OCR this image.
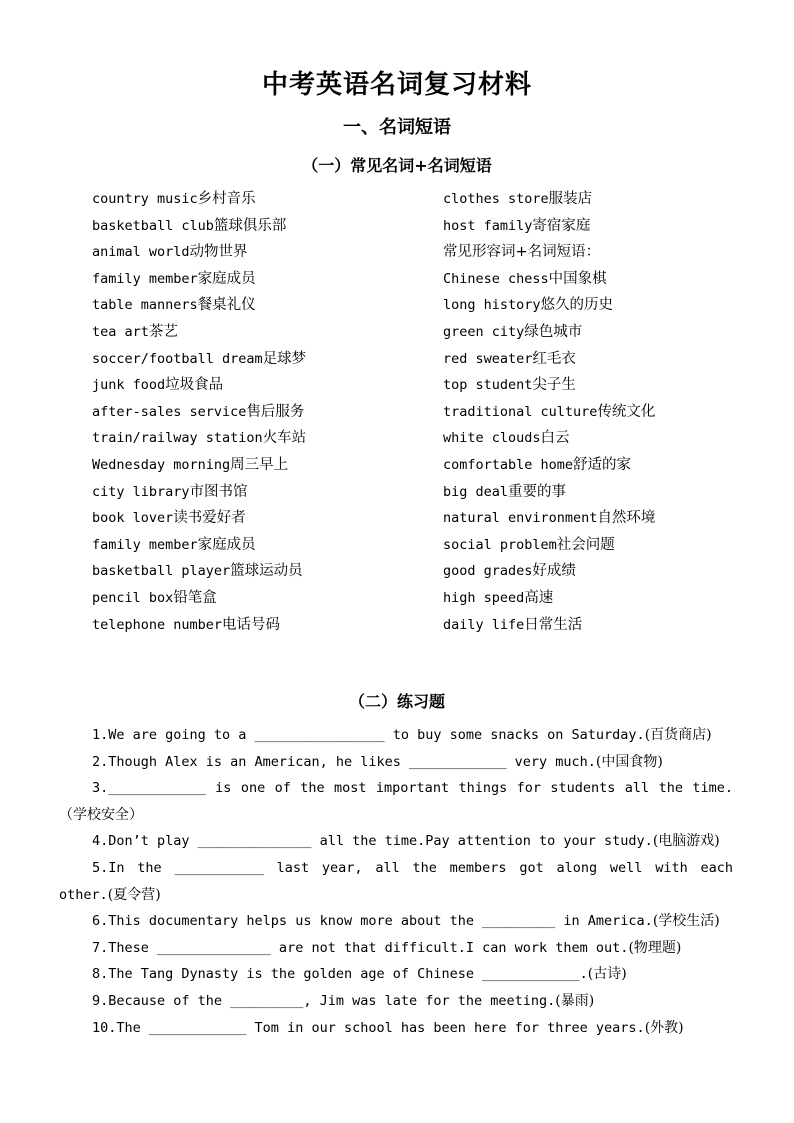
中考英语名词复习材料
一、名词短语
（一）常见名词+名词短语
country music乡村音乐
basketball club篮球俱乐部
animal world动物世界
family member家庭成员
table manners餐桌礼仪
tea art茶艺
soccer/football dream足球梦
junk food垃圾食品
after-sales service售后服务
train/railway station火车站
Wednesday morning周三早上
city library市图书馆
book lover读书爱好者
family member家庭成员
basketball player篮球运动员
pencil box铅笔盒
telephone number电话号码
clothes store服装店
host family寄宿家庭
常见形容词+名词短语：
Chinese chess中国象棋
long history悠久的历史
green city绿色城市
red sweater红毛衣
top student尖子生
traditional culture传统文化
white clouds白云
comfortable home舒适的家
big deal重要的事
natural environment自然环境
social problem社会问题
good grades好成绩
high speed高速
daily life日常生活
（二）练习题
1.We are going to a ________________ to buy some snacks on Saturday.(百货商店)
2.Though Alex is an American, he likes ____________ very much.(中国食物)
3.____________ is one of the most important things for students all the time.（学校安全）
4.Don’t play ______________ all the time.Pay attention to your study.(电脑游戏)
5.In the ___________ last year, all the members got along well with each other.(夏令营)
6.This documentary helps us know more about the _________ in America.(学校生活)
7.These ______________ are not that difficult.I can work them out.(物理题)
8.The Tang Dynasty is the golden age of Chinese ____________.(古诗)
9.Because of the _________, Jim was late for the meeting.(暴雨)
10.The ____________ Tom in our school has been here for three years.(外教)
